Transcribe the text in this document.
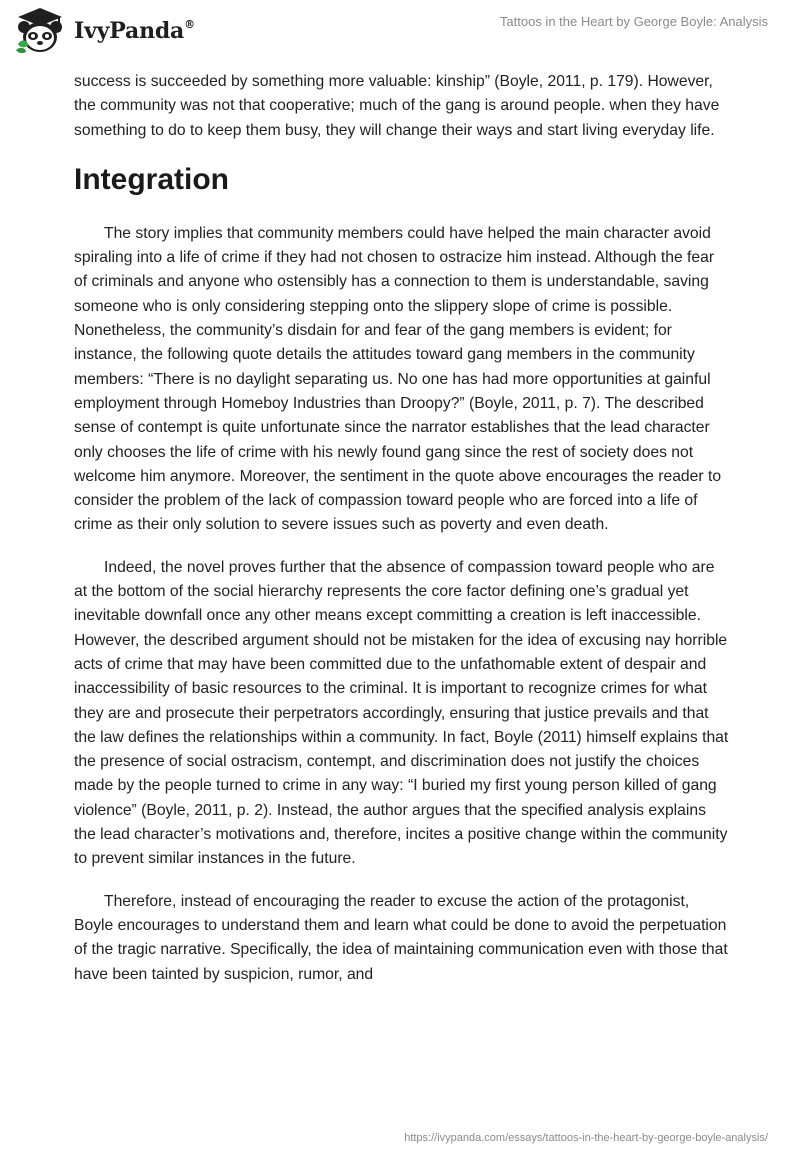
IvyPanda®	Tattoos in the Heart by George Boyle: Analysis

success is succeeded by something more valuable: kinship” (Boyle, 2011, p. 179). However, the community was not that cooperative; much of the gang is around people. when they have something to do to keep them busy, they will change their ways and start living everyday life.

Integration

The story implies that community members could have helped the main character avoid spiraling into a life of crime if they had not chosen to ostracize him instead. Although the fear of criminals and anyone who ostensibly has a connection to them is understandable, saving someone who is only considering stepping onto the slippery slope of crime is possible. Nonetheless, the community’s disdain for and fear of the gang members is evident; for instance, the following quote details the attitudes toward gang members in the community members: “There is no daylight separating us. No one has had more opportunities at gainful employment through Homeboy Industries than Droopy?” (Boyle, 2011, p. 7). The described sense of contempt is quite unfortunate since the narrator establishes that the lead character only chooses the life of crime with his newly found gang since the rest of society does not welcome him anymore. Moreover, the sentiment in the quote above encourages the reader to consider the problem of the lack of compassion toward people who are forced into a life of crime as their only solution to severe issues such as poverty and even death.

Indeed, the novel proves further that the absence of compassion toward people who are at the bottom of the social hierarchy represents the core factor defining one’s gradual yet inevitable downfall once any other means except committing a creation is left inaccessible. However, the described argument should not be mistaken for the idea of excusing nay horrible acts of crime that may have been committed due to the unfathomable extent of despair and inaccessibility of basic resources to the criminal. It is important to recognize crimes for what they are and prosecute their perpetrators accordingly, ensuring that justice prevails and that the law defines the relationships within a community. In fact, Boyle (2011) himself explains that the presence of social ostracism, contempt, and discrimination does not justify the choices made by the people turned to crime in any way: “I buried my first young person killed of gang violence” (Boyle, 2011, p. 2). Instead, the author argues that the specified analysis explains the lead character’s motivations and, therefore, incites a positive change within the community to prevent similar instances in the future.

Therefore, instead of encouraging the reader to excuse the action of the protagonist, Boyle encourages to understand them and learn what could be done to avoid the perpetuation of the tragic narrative. Specifically, the idea of maintaining communication even with those that have been tainted by suspicion, rumor, and

https://ivypanda.com/essays/tattoos-in-the-heart-by-george-boyle-analysis/
